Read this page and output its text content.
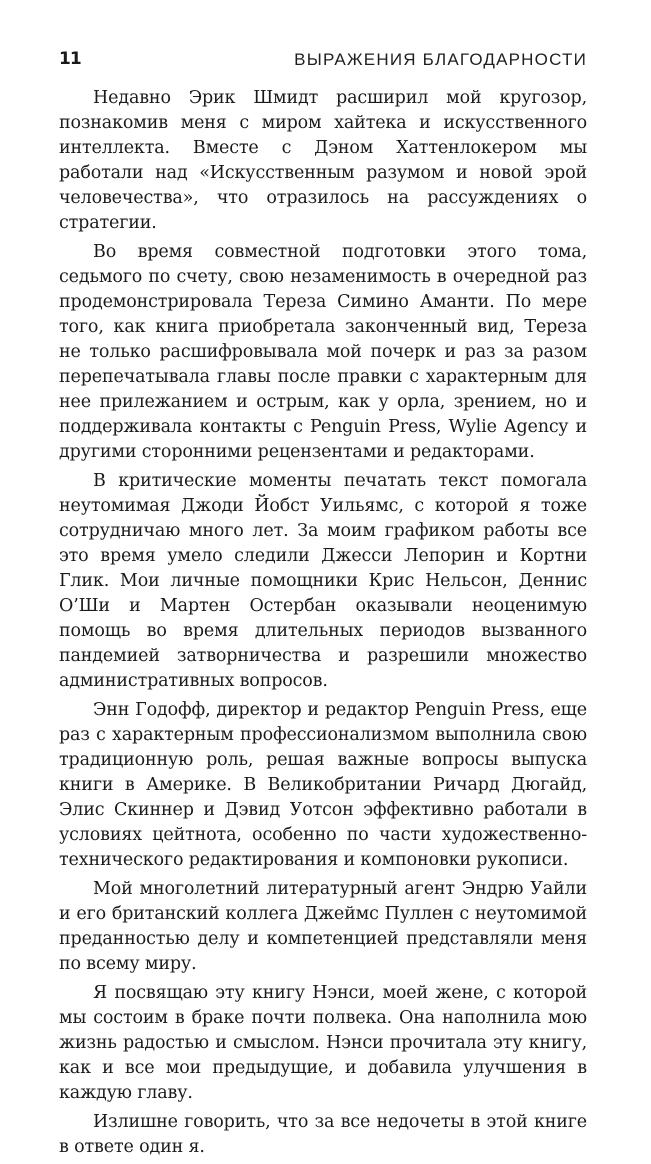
11	ВЫРАЖЕНИЯ БЛАГОДАРНОСТИ

Недавно Эрик Шмидт расширил мой кругозор, познакомив меня с миром хайтека и искусственного интеллекта. Вместе с Дэном Хаттенлокером мы работали над «Искусственным разумом и новой эрой человечества», что отразилось на рассуждениях о стратегии.

Во время совместной подготовки этого тома, седьмого по счету, свою незаменимость в очередной раз продемонстрировала Тереза Симино Аманти. По мере того, как книга приобретала законченный вид, Тереза не только расшифровывала мой почерк и раз за разом перепечатывала главы после правки с характерным для нее прилежанием и острым, как у орла, зрением, но и поддерживала контакты с Penguin Press, Wylie Agency и другими сторонними рецензентами и редакторами.

В критические моменты печатать текст помогала неутомимая Джоди Йобст Уильямс, с которой я тоже сотрудничаю много лет. За моим графиком работы все это время умело следили Джесси Лепорин и Кортни Глик. Мои личные помощники Крис Нельсон, Деннис О’Ши и Мартен Остербан оказывали неоценимую помощь во время длительных периодов вызванного пандемией затворничества и разрешили множество административных вопросов.

Энн Годофф, директор и редактор Penguin Press, еще раз с характерным профессионализмом выполнила свою традиционную роль, решая важные вопросы выпуска книги в Америке. В Великобритании Ричард Дюгайд, Элис Скиннер и Дэвид Уотсон эффективно работали в условиях цейтнота, особенно по части художественно-технического редактирования и компоновки рукописи.

Мой многолетний литературный агент Эндрю Уайли и его британский коллега Джеймс Пуллен с неутомимой преданностью делу и компетенцией представляли меня по всему миру.

Я посвящаю эту книгу Нэнси, моей жене, с которой мы состоим в браке почти полвека. Она наполнила мою жизнь радостью и смыслом. Нэнси прочитала эту книгу, как и все мои предыдущие, и добавила улучшения в каждую главу.

Излишне говорить, что за все недочеты в этой книге в ответе один я.
